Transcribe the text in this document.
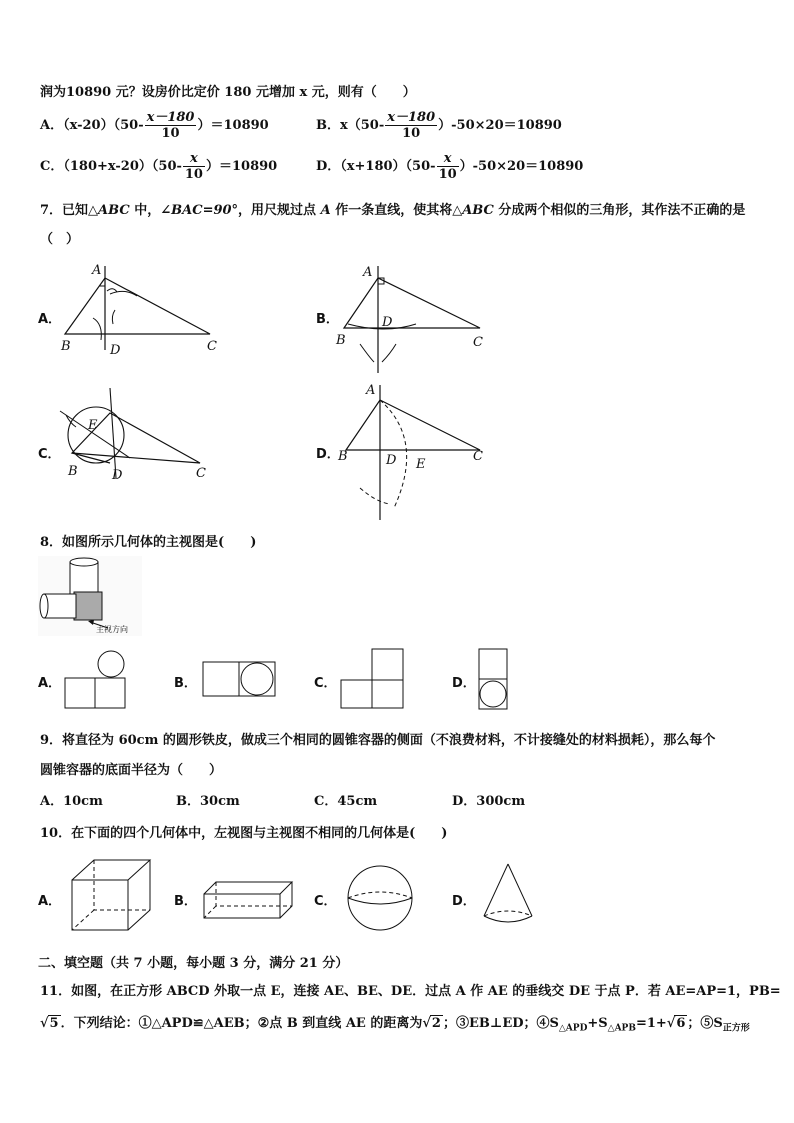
润为10890 元？设房价比定价 180 元增加 x 元，则有（　　）
A．$(x-20)(50- \frac{x-180}{10} )=10890$	B．$x(50- \frac{x-180}{10} )-50\times 20=10890$
C．$(180+x-20)(50- \frac{x}{10} )=10890$	D．$(x+180)(50- \frac{x}{10} )-50\times 20=10890$
7．已知△ABC 中，∠BAC=90°，用尺规过点 A 作一条直线，使其将△ABC 分成两个相似的三角形，其作法不正确的是
（　）
A．	B．
C．	D．
A
B	D	C
A
B
D
C
E
B	D	C
A
B	D E
C
8．如图所示几何体的主视图是(　　)
主视方向
A．	B．	C．	D．
9．将直径为 60cm 的圆形铁皮，做成三个相同的圆锥容器的侧面（不浪费材料，不计接缝处的材料损耗），那么每个
圆锥容器的底面半径为（　　）
A．10cm	B．30cm	C．45cm	D．300cm
10．在下面的四个几何体中，左视图与主视图不相同的几何体是(　　)
A．	B．	C．	D．
二、填空题（共 7 小题，每小题 3 分，满分 21 分）
11．如图，在正方形 ABCD 外取一点 E，连接 AE、BE、DE．过点 A 作 AE 的垂线交 DE 于点 P．若 AE=AP=1，PB=
√5 ．下列结论：①△APD≌△AEB；②点 B 到直线 AE 的距离为√2 ；③EB⊥ED；$④S_{\triangle APD}+S_{\triangle APB}=1+√6$ ；$⑤S_{正方形}$
